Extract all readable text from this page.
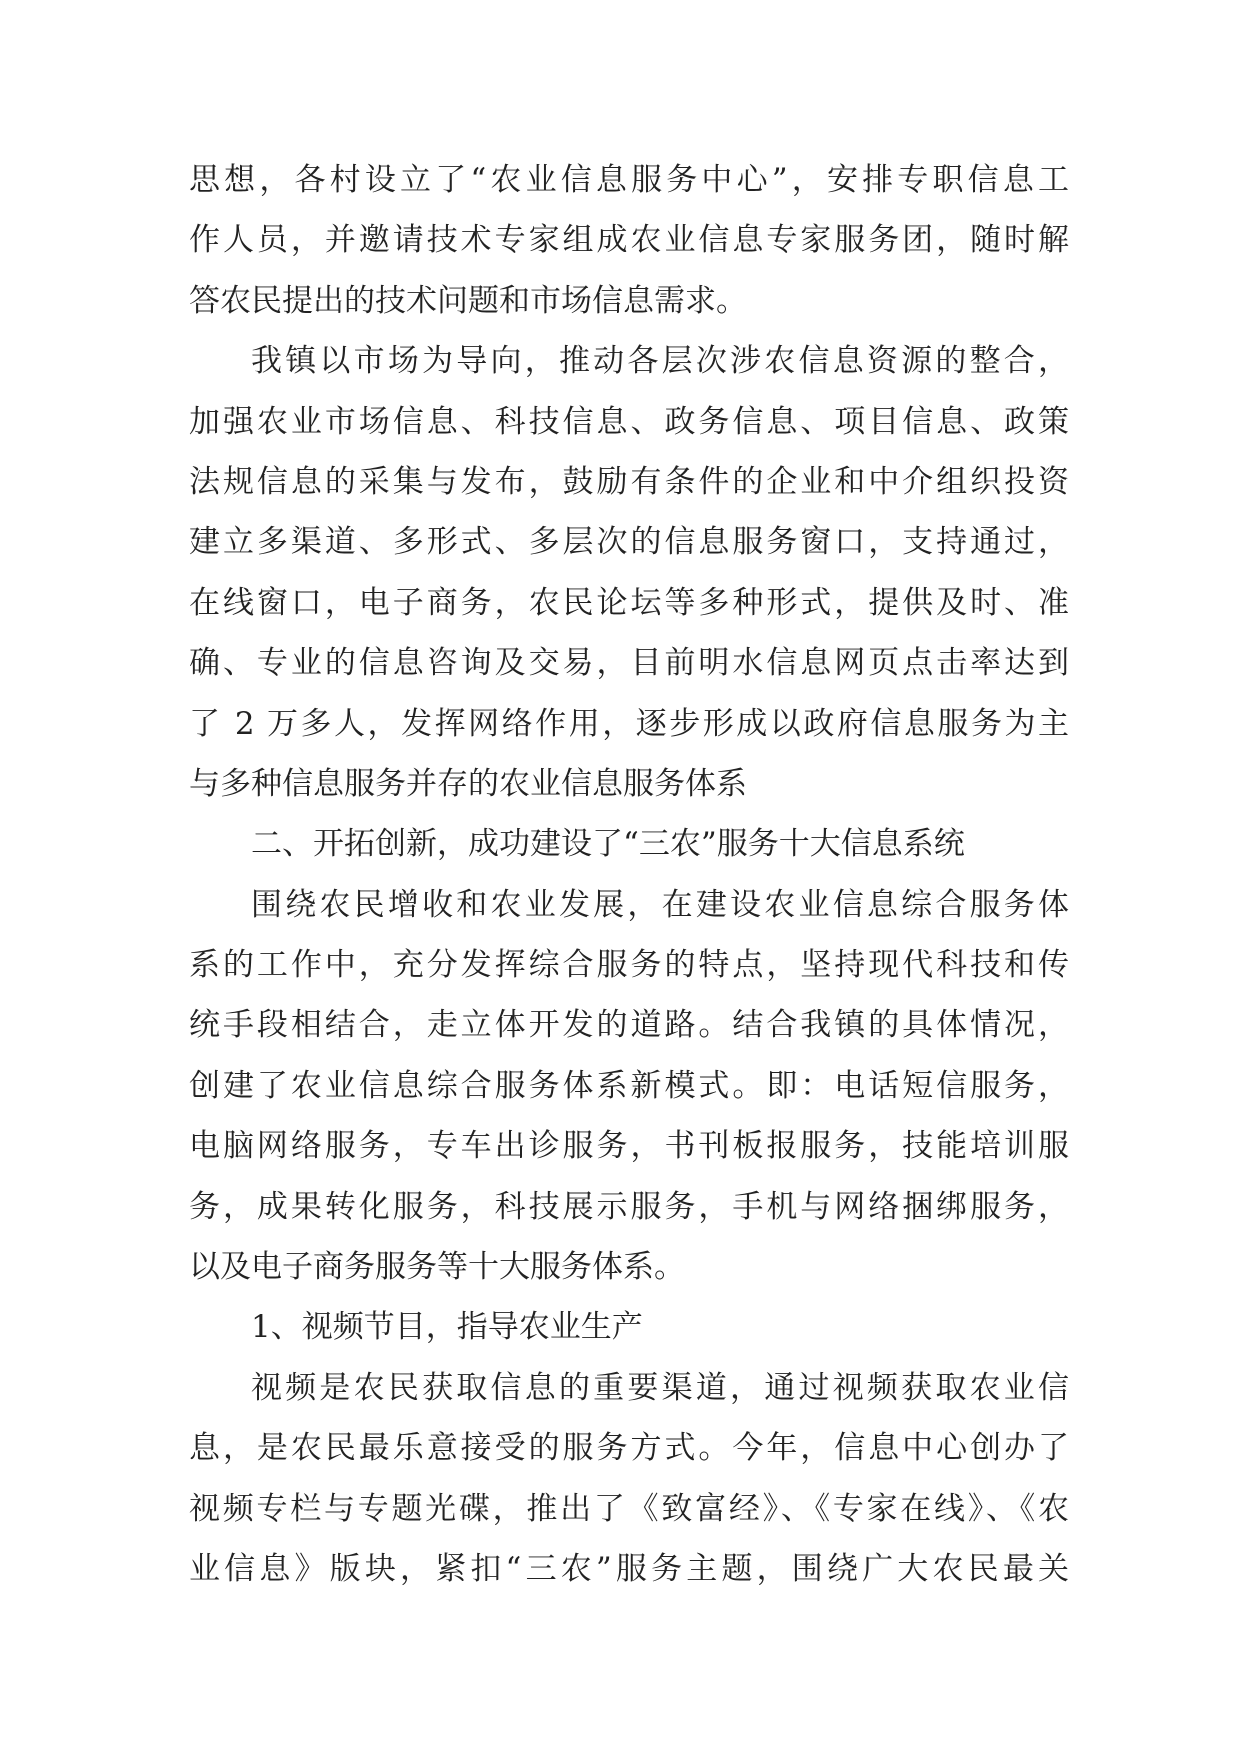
思想，各村设立了“农业信息服务中心”，安排专职信息工
作人员，并邀请技术专家组成农业信息专家服务团，随时解
答农民提出的技术问题和市场信息需求。
我镇以市场为导向，推动各层次涉农信息资源的整合，
加强农业市场信息、科技信息、政务信息、项目信息、政策
法规信息的采集与发布，鼓励有条件的企业和中介组织投资
建立多渠道、多形式、多层次的信息服务窗口，支持通过，
在线窗口，电子商务，农民论坛等多种形式，提供及时、准
确、专业的信息咨询及交易，目前明水信息网页点击率达到
了 2 万多人，发挥网络作用，逐步形成以政府信息服务为主
与多种信息服务并存的农业信息服务体系
二、开拓创新，成功建设了“三农”服务十大信息系统
围绕农民增收和农业发展，在建设农业信息综合服务体
系的工作中，充分发挥综合服务的特点，坚持现代科技和传
统手段相结合，走立体开发的道路。结合我镇的具体情况，
创建了农业信息综合服务体系新模式。即：电话短信服务，
电脑网络服务，专车出诊服务，书刊板报服务，技能培训服
务，成果转化服务，科技展示服务，手机与网络捆绑服务，
以及电子商务服务等十大服务体系。
1、视频节目，指导农业生产
视频是农民获取信息的重要渠道，通过视频获取农业信
息，是农民最乐意接受的服务方式。今年，信息中心创办了
视频专栏与专题光碟，推出了《致富经》、《专家在线》、《农
业信息》版块，紧扣“三农”服务主题，围绕广大农民最关
